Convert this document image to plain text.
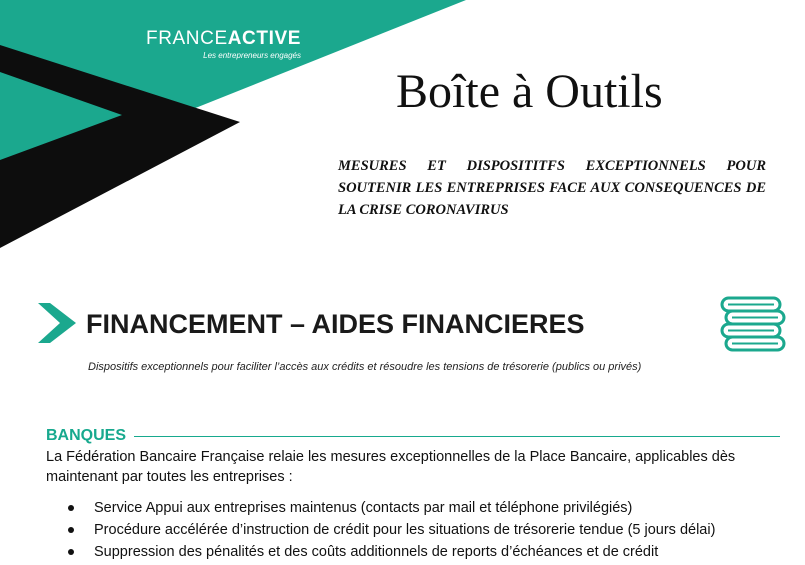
FRANCEACTIVE
Les entrepreneurs engagés
Boîte à Outils

MESURES ET DISPOSITITFS EXCEPTIONNELS POUR SOUTENIR LES ENTREPRISES FACE AUX CONSEQUENCES DE LA CRISE CORONAVIRUS

FINANCEMENT – AIDES FINANCIERES

Dispositifs exceptionnels pour faciliter l’accès aux crédits et résoudre les tensions de trésorerie (publics ou privés)

BANQUES

La Fédération Bancaire Française relaie les mesures exceptionnelles de la Place Bancaire, applicables dès maintenant par toutes les entreprises :

Service Appui aux entreprises maintenus (contacts par mail et téléphone privilégiés)
Procédure accélérée d’instruction de crédit pour les situations de trésorerie tendue (5 jours délai)
Suppression des pénalités et des coûts additionnels de reports d’échéances et de crédit
